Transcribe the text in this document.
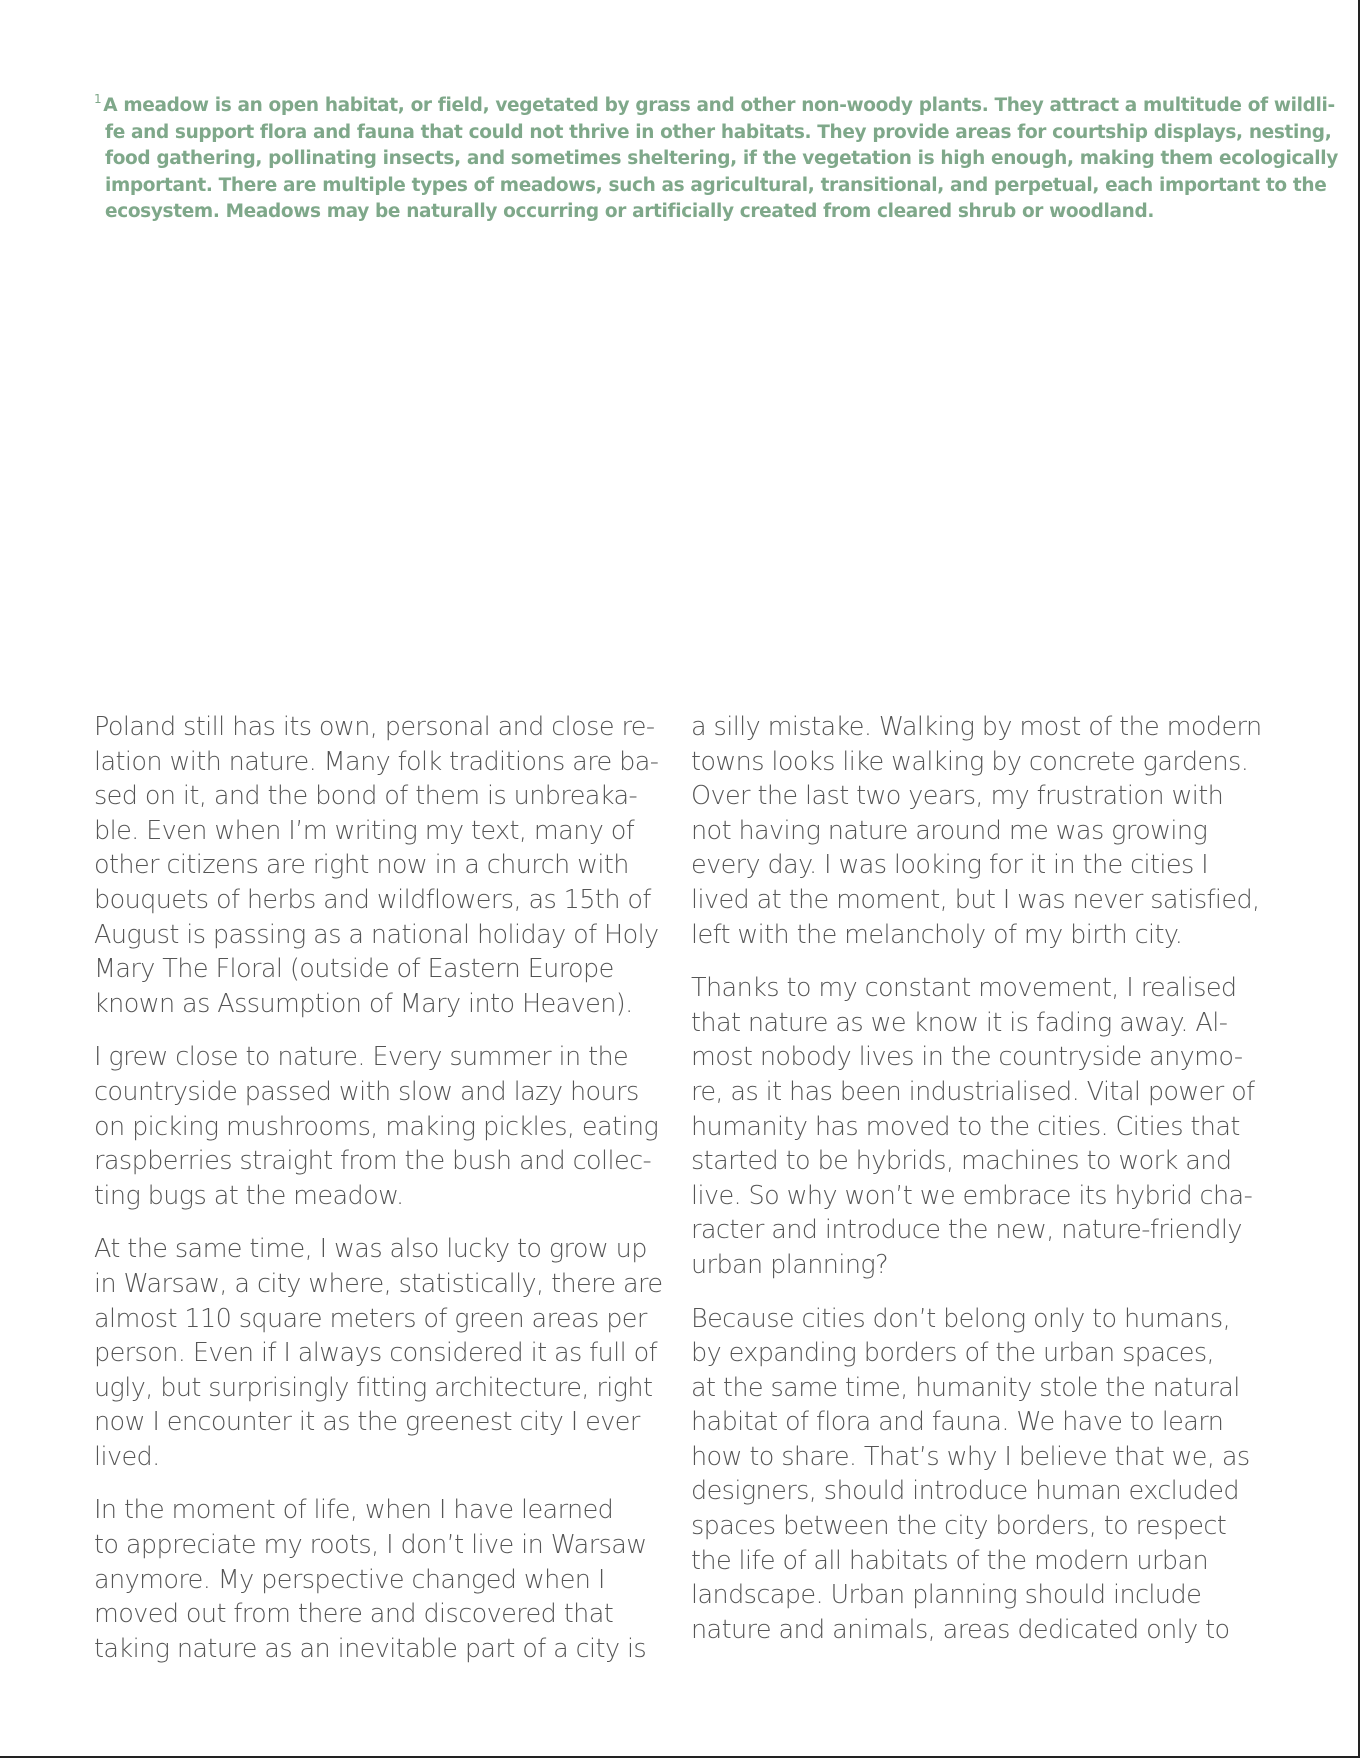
$^1$ A meadow is an open habitat, or field, vegetated by grass and other non-woody plants. They attract a multitude of wildli-
fe and support flora and fauna that could not thrive in other habitats. They provide areas for courtship displays, nesting,
food gathering, pollinating insects, and sometimes sheltering, if the vegetation is high enough, making them ecologically
important. There are multiple types of meadows, such as agricultural, transitional, and perpetual, each important to the
ecosystem. Meadows may be naturally occurring or artificially created from cleared shrub or woodland.
Poland still has its own, personal and close re-
lation with nature. Many folk traditions are ba-
sed on it, and the bond of them is unbreaka-
ble. Even when I’m writing my text, many of
other citizens are right now in a church with
bouquets of herbs and wildflowers, as 15th of
August is passing as a national holiday of Holy
Mary The Floral (outside of Eastern Europe
known as Assumption of Mary into Heaven).
I grew close to nature. Every summer in the
countryside passed with slow and lazy hours
on picking mushrooms, making pickles, eating
raspberries straight from the bush and collec-
ting bugs at the meadow.
At the same time, I was also lucky to grow up
in Warsaw, a city where, statistically, there are
almost 110 square meters of green areas per
person. Even if I always considered it as full of
ugly, but surprisingly fitting architecture, right
now I encounter it as the greenest city I ever
lived.
In the moment of life, when I have learned
to appreciate my roots, I don’t live in Warsaw
anymore. My perspective changed when I
moved out from there and discovered that
taking nature as an inevitable part of a city is
a silly mistake. Walking by most of the modern
towns looks like walking by concrete gardens.
Over the last two years, my frustration with
not having nature around me was growing
every day. I was looking for it in the cities I
lived at the moment, but I was never satisfied,
left with the melancholy of my birth city.
Thanks to my constant movement, I realised
that nature as we know it is fading away. Al-
most nobody lives in the countryside anymo-
re, as it has been industrialised. Vital power of
humanity has moved to the cities. Cities that
started to be hybrids, machines to work and
live. So why won’t we embrace its hybrid cha-
racter and introduce the new, nature-friendly
urban planning?
Because cities don’t belong only to humans,
by expanding borders of the urban spaces,
at the same time, humanity stole the natural
habitat of flora and fauna. We have to learn
how to share. That’s why I believe that we, as
designers, should introduce human excluded
spaces between the city borders, to respect
the life of all habitats of the modern urban
landscape. Urban planning should include
nature and animals, areas dedicated only to
